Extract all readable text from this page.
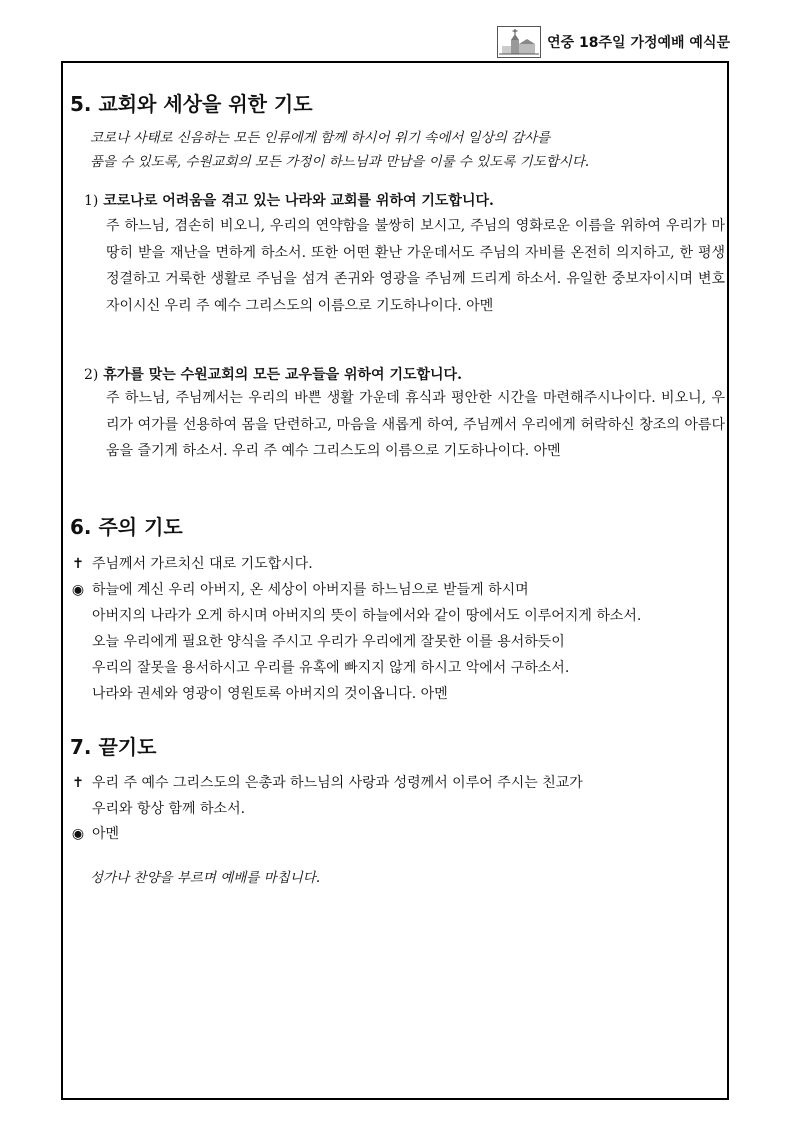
연중 18주일 가정예배 예식문
5. 교회와 세상을 위한 기도
코로나 사태로 신음하는 모든 인류에게 함께 하시어 위기 속에서 일상의 감사를
품을 수 있도록, 수원교회의 모든 가정이 하느님과 만남을 이룰 수 있도록 기도합시다.
1) 코로나로 어려움을 겪고 있는 나라와 교회를 위하여 기도합니다.
주 하느님, 겸손히 비오니, 우리의 연약함을 불쌍히 보시고, 주님의 영화로운 이름을 위하여 우리가 마땅히 받을 재난을 면하게 하소서. 또한 어떤 환난 가운데서도 주님의 자비를 온전히 의지하고, 한 평생 정결하고 거룩한 생활로 주님을 섬겨 존귀와 영광을 주님께 드리게 하소서. 유일한 중보자이시며 변호자이시신 우리 주 예수 그리스도의 이름으로 기도하나이다. 아멘
2) 휴가를 맞는 수원교회의 모든 교우들을 위하여 기도합니다.
주 하느님, 주님께서는 우리의 바쁜 생활 가운데 휴식과 평안한 시간을 마련해주시나이다. 비오니, 우리가 여가를 선용하여 몸을 단련하고, 마음을 새롭게 하여, 주님께서 우리에게 허락하신 창조의 아름다움을 즐기게 하소서. 우리 주 예수 그리스도의 이름으로 기도하나이다. 아멘
6. 주의 기도
✝ 주님께서 가르치신 대로 기도합시다.
◉ 하늘에 계신 우리 아버지, 온 세상이 아버지를 하느님으로 받들게 하시며
아버지의 나라가 오게 하시며 아버지의 뜻이 하늘에서와 같이 땅에서도 이루어지게 하소서.
오늘 우리에게 필요한 양식을 주시고 우리가 우리에게 잘못한 이를 용서하듯이
우리의 잘못을 용서하시고 우리를 유혹에 빠지지 않게 하시고 악에서 구하소서.
나라와 권세와 영광이 영원토록 아버지의 것이옵니다. 아멘
7. 끝기도
✝ 우리 주 예수 그리스도의 은총과 하느님의 사랑과 성령께서 이루어 주시는 친교가
우리와 항상 함께 하소서.
◉ 아멘
성가나 찬양을 부르며 예배를 마칩니다.
